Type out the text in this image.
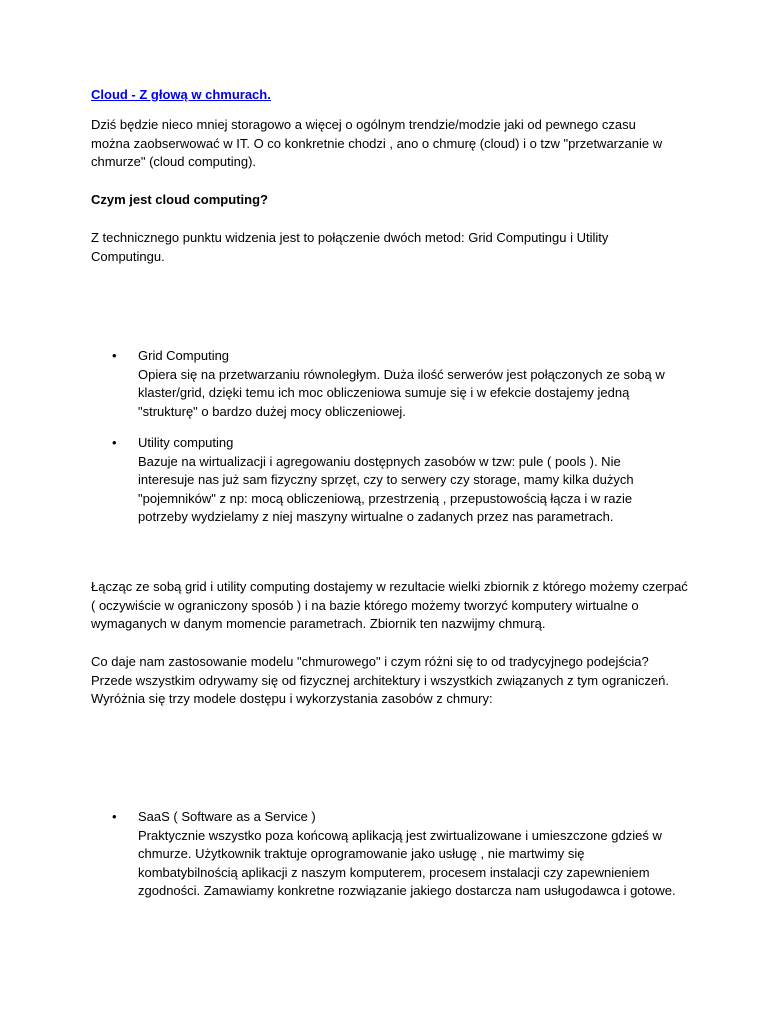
Cloud - Z głową w chmurach.
Dziś będzie nieco mniej storagowo a więcej o ogólnym trendzie/modzie jaki od pewnego czasu można zaobserwować w IT. O co konkretnie chodzi , ano o chmurę (cloud) i o tzw "przetwarzanie w chmurze" (cloud computing).
Czym jest cloud computing?
Z technicznego punktu widzenia jest to połączenie dwóch metod: Grid Computingu i Utility Computingu.
• Grid Computing
Opiera się na przetwarzaniu równoległym. Duża ilość serwerów jest połączonych ze sobą w klaster/grid, dzięki temu ich moc obliczeniowa sumuje się i w efekcie dostajemy jedną "strukturę" o bardzo dużej mocy obliczeniowej.
• Utility computing
Bazuje na wirtualizacji i agregowaniu dostępnych zasobów w tzw: pule ( pools ). Nie interesuje nas już sam fizyczny sprzęt, czy to serwery czy storage, mamy kilka dużych "pojemników" z np: mocą obliczeniową, przestrzenią , przepustowością łącza i w razie potrzeby wydzielamy z niej maszyny wirtualne o zadanych przez nas parametrach.
Łącząc ze sobą grid i utility computing dostajemy w rezultacie wielki zbiornik z którego możemy czerpać ( oczywiście w ograniczony sposób ) i na bazie którego możemy tworzyć komputery wirtualne o wymaganych w danym momencie parametrach. Zbiornik ten nazwijmy chmurą.
Co daje nam zastosowanie modelu "chmurowego" i czym różni się to od tradycyjnego podejścia? Przede wszystkim odrywamy się od fizycznej architektury i wszystkich związanych z tym ograniczeń. Wyróżnia się trzy modele dostępu i wykorzystania zasobów z chmury:
• SaaS ( Software as a Service )
Praktycznie wszystko poza końcową aplikacją jest zwirtualizowane i umieszczone gdzieś w chmurze. Użytkownik traktuje oprogramowanie jako usługę , nie martwimy się kombatybilnością aplikacji z naszym komputerem, procesem instalacji czy zapewnieniem zgodności. Zamawiamy konkretne rozwiązanie jakiego dostarcza nam usługodawca i gotowe.
